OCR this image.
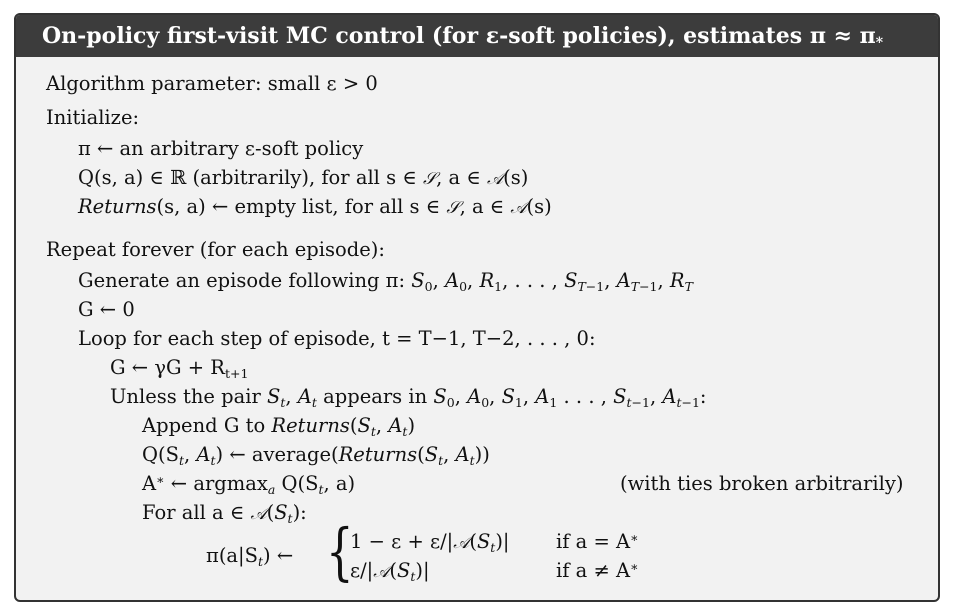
On-policy first-visit MC control (for ε-soft policies), estimates $\pi \approx \pi_*$
Algorithm parameter: small ε > 0
Initialize:
π ← an arbitrary ε-soft policy
Q(s, a) ∈ ℝ (arbitrarily), for all s ∈ 𝒮, a ∈ 𝒜(s)
Returns(s, a) ← empty list, for all s ∈ 𝒮, a ∈ 𝒜(s)
Repeat forever (for each episode):
Generate an episode following π: $S_0$, $A_0$, $R_1$, . . . , $S_{T-1}$, $A_{T-1}$, $R_T$
G ← 0
Loop for each step of episode, t = T−1, T−2, . . . , 0:
G ← $\gamma G + R_{t+1}$
Unless the pair $S_t$, $A_t$ appears in $S_0$, $A_0$, $S_1$, $A_1$ . . . , $S_{t-1}$, $A_{t-1}$:
Append G to $Returns(S_t$, $A_t$)
$Q(S_t$, $A_t$) ← $average(Returns(S_t$, $A_t$))
A∗ ← argmax$_a$ $Q(S_t$, a)	(with ties broken arbitrarily)
For all a ∈ $𝒜(S_t)$:
$\pi(a|S_t)$ ← {
$1 - \varepsilon + \varepsilon/|𝒜(S_t)|$ if a = A∗
$\varepsilon/|𝒜(S_t)|$	if a ≠ A∗
